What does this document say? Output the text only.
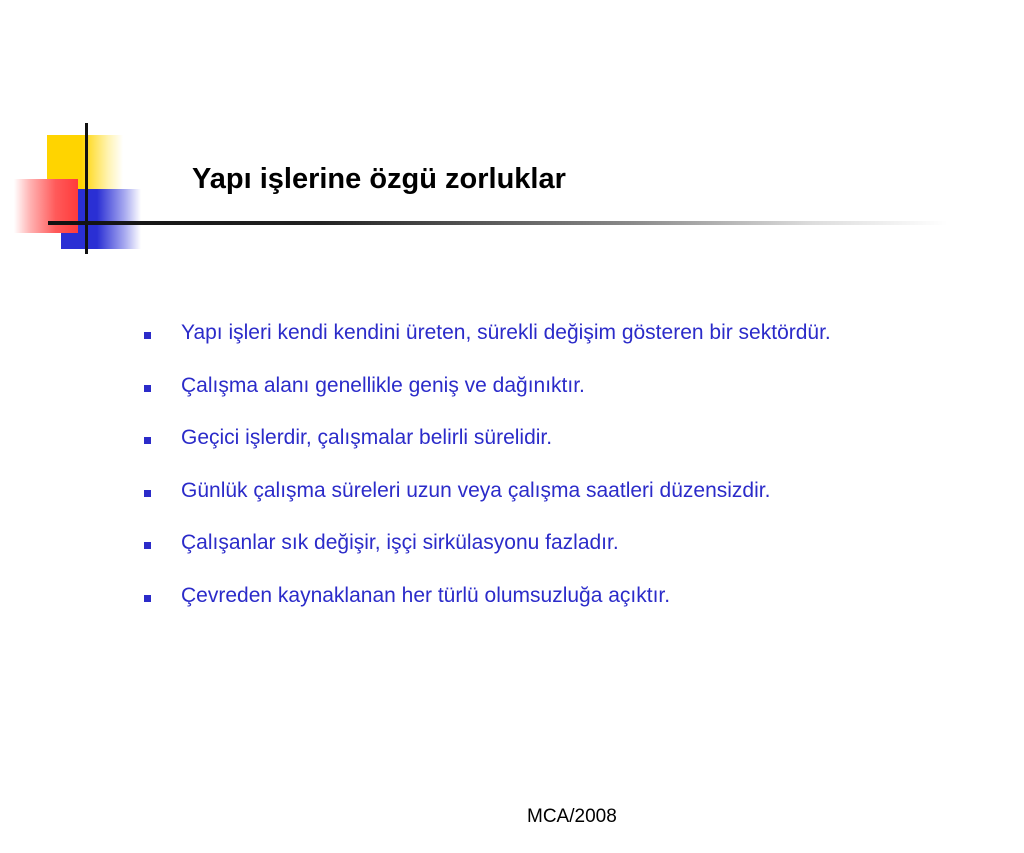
Yapı işlerine özgü zorluklar
Yapı işleri kendi kendini üreten, sürekli değişim gösteren bir sektördür.
Çalışma alanı genellikle geniş ve dağınıktır.
Geçici işlerdir, çalışmalar belirli sürelidir.
Günlük çalışma süreleri uzun veya çalışma saatleri düzensizdir.
Çalışanlar sık değişir, işçi sirkülasyonu fazladır.
Çevreden kaynaklanan her türlü olumsuzluğa açıktır.
MCA/2008
